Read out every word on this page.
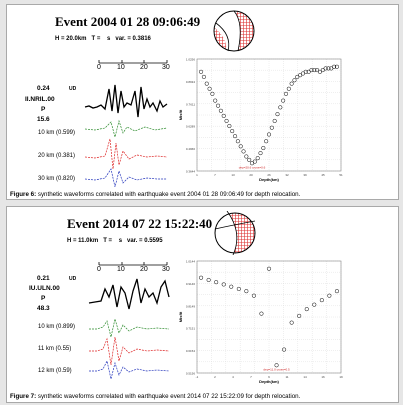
Event 2004 01 28 09:06:49
H = 20.0km   T =    s   var. = 0.3816
0 10 20 30
0.24	UD
II.NRIL.00
P
15.6
10 km (0.599)
20 km (0.381)
30 km (0.820)
0.3644
0.4966
0.6289
0.7611
0.8934
1.0256
1	7	13	20	26	32	39	45	51
Depth(km)
Misfit
dep=20.6 cross=0.6
Figure 6: synthetic waveforms correlated with earthquake event 2004 01 28 09:06:49 for depth relocation.
Event 2014 07 22 15:22:40
H = 11.0km   T =    s   var. = 0.5595
0 10 20 30
0.21	UD
IU.ULN.00
P
48.3
10 km (0.899)
11 km (0.55)
12 km (0.59)	0.5156
0.6154
0.7151
0.8149
0.9146
1.0144
-1	2	4	7	9	11	14	16	19
Depth(km)
Misfit
dep=11.0 cross=0.5
Figure 7: synthetic waveforms correlated with earthquake event 2014 07 22 15:22:09 for depth relocation.
